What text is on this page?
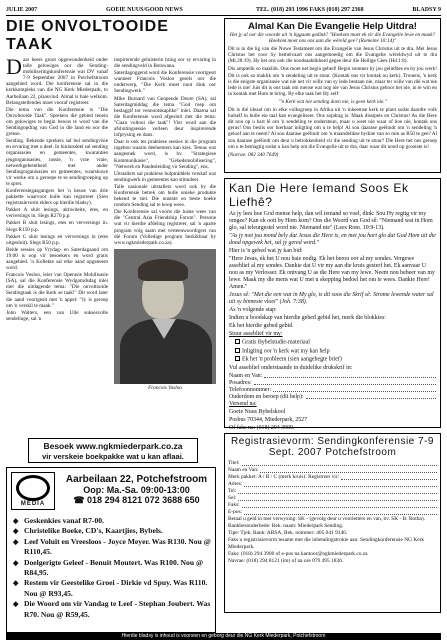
JULIE 2007	GOEIE NUUS/GOOD NEWS	TEL. (018) 293 1996 FAKS (018) 297 2368	BLADSY 9
DIE ONVOLTOOIDE TAAK
D aar heers groot opgewondenheid onder talle gelowiges oor die Sending-mobiliseringskonferensie wat DV vanaf 7-9 September 2007 in Potchefstroom aangebied word. Die konferensie sal in die kerkkompleks van die NG Kerk Miederpark, to Aarbeilaan 22, plaasvind. Almal is baie welkom. Belangstellendes moet vooraf registreer.

Die tema van die Konferensie is "Die Onvoltooide Taak". Sprekers dié gebied tenein om gelowiges te begin bewus te word van die Sendingopdrag van God in die land en oor die grense.

Sending. Bekende sprekers sal hul sendingvisie en ervaring met u deel. In hinlutsdeel sal sending organisasies en gemeentes, kwaranties jeugorganisasies, rassie, 'n vrae vraie, netwerkgeleentheid met ander Sendingorganisasies en gemeentes, waarskuwe vir werke om u geroepe te se sendingroeping op te sprei.

Konferensiegasgangers het 'n keuse van drie pakkette waarvoor hulle kan registreer (Sien registrasievorm elders op hierdie bladsy).

Pakket A sluit lesings, aktiwiteite, etes, en verversings in. Slegs R270 p.p.

Pakket B sluit lesings, etes en verversings in. Slegs R150 p.p.

Pakket C sluit lesings en verversings in (etes uitgesluit). Slegs R50 p.p.

Beide sessies op Vrydag- en Saterdagaand om 19:00 is oop vir besoekers en word gratis aangebied. 'n Kollekte sal elke aand opgeneem word.

Francois Vosloo, leier van Operasie Mobilisasie (SA), sal die Konferensie Wydgomdsdag inlei met die uitdagende tema: "Die onvoltooide Sendingtaak is die Kerk se taak!" Dit word later die aand voortgesit met 'n appel: "Jy is geroep om 'n verskil te maak."

John Walters, een van Ulle suksesvolle sendelinge, sal 'n

inspirerende geluisterin bring oor sy ervaring in die sendingveld in Botswana.

Saterdagoggend word die Konferensie voortgesit wanneer Francois Vosloo gesels oor die onderwerp, "Die Kerk moet nuut dink oor Sendingwerk."

Mike Burnard van Geopende Deure (SA), sal Saterdagmiddag die tema "God roep om beslaggif tot vennootskaplike" inlei. Daarna sal die Konferensie word afgesluit met die tema: "Gaan voltooi die taak"! Vier word aan die afsluitingsessie verleen deur inspirerende lofprysing en dans.

Daar is ook tes praktiese sessies in die program ingebou waarin deelnemers kan kies. Temas wat aangesnek word, is bv. "Strategiese Kommunikasie", "Gebedsmobilisering", "Netwerk en Pandesleiding vir Sending", ens.

Uitstallers sal praktiese hulpmiddels verskaf wat sendingwerk in gemeentes kan stimuleer.

Talle nasionale uitstallers word ook by die Konferensie betrek om hulle unieke produkte bekend te stel. Die nuutste en beste boeke rondom Sending sal te koop wees.

Die Konferensie sal voorts die luiste wees van die "Central Asia Friendship Forum". Persone wat vir hierdie afdeling registreer, sal 'n aparte program volg saam met verteenwoordigers van dié Forum (Volledige program beskikbaar by www.ngkmiederpark.co.za).

Francois Vosloo
Besoek www.ngkmiederpark.co.za
vir verskeie boekpakke wat u kan aflaai.
MEDIA
Aarbeilaan 22, Potchefstroom
Oop: Ma.-Sa. 09:00-13:00
☎ 018 294 8121 072 3688 650
◆ Geskenkies vanaf R7-00.
◆ Christelike Boeke, CD's, Kaartjies, Bybels.
◆ Leef Voluit en Vreesloos - Joyce Meyer. Was R130. Nou @ R110,45.
◆ Doelgerigte Geleef - Benuit Moutert. Was R100. Nou @ R84,95.
◆ Restem vir Geestelike Groei - Dirkie vd Spuy. Was R110. Nou @ R93,45.
◆ Die Woord om vir Vandag te Leef - Stephan Joubert. Was R70. Nou @ R59,45.
Almal Kan Die Evangelie Help Uitdra!

Het jy al oor die woorde uit 'n liggaam gedink? "Hoekom moet ek vir die Evangelie lewe en maak? Hoekom moet ons ons aan die wêreld gee? (Romeine 10:14)"

Dit is in die lig van die Nuwe Testament om die Evangelie van Jesus Christus uit te dra. Met Jesus Christus het voor Sy hemelvaart ons aangemoedig om die Evangelie wêreldwyd uit te dra (Mt.28:19). Hy het ons ook die noodsaaklikheid gegee deur die Heilige Gees (Hd.1:8).

Dis amptelik so makliik. Ons moet net begin gebed! Begin sommer by jou geliefdes en by jou werk! Dit is ook so maklik om 'n sendeling uit te stuur. (Kontak ons vir kontak ou kerk). Trouens, 'n kerk is die enigste organisasie wat nie net vir wille van sy lede bestaan nie, maar ter wille van dié wat nie lede is nie! Juis dit is ons taak om mense wat nog nie van Jesus Christus gehoor het nie, in te win en in kontak met Hom te bring. By elke taak het Hy self:

"'n Kerk wat nie sending doen nie, is geen kerk nie."

Dit is dié ideaal om in elke volksgroep in Afrika uit 'n inheemse kerk te plant sodat daardie volk hulself in hulle eie taal kan evangeliseer. Ons sopdrag is: Maak dissipels en Christus! As die Here dit nou op u hart lê om 'n sendeling te ondersteun, maar u weet nie waar of hoe nie, kontak ons gerus! Ons beslis oor hierbaar inligting om u te help! Al sou daarase geëlindr om 'n sendeling 'n geloof aan te neem? Al sou daarase geëlindr om 'n maandelikse bydrae van so min as R50 te gee? Al sou daarase geëlindr om deur u betrokkenheid vir die sending uit te stuur? Die Here het ons geroep om u te bemagtig sodat u kan help om die Evangelie uit te dra, daar waar dit nood op grootste is!

(Navrae: 082 340 7649)

Kan Die Here Iemand Soos Ek Liefhê?

As jy lees hoe God mense help, dan wil iemand so voel, dink: Sou Hy regtig vir my omgee? Kan ek ooit by Hom kom? Ons die Woord van God sê: "Niemand wat in Hom glo, sal teleurgestel word nie. Niemand nie" (Lees Rom. 10:9-13).

"As jy met jou mond bely dat Jesus die Here is, en met jou hart glo dat God Hom uit die dood opgewek het, sal jy gered word."

Hier is 'n gebed wat jy kan bid:

"Here Jesus, ek het U nou baie nodig. Ek het berou oor al my sondes. Vergewe asseblief al my sondes. Dankie dat U vir my aan die kruis gesterf het. Ek aanvaar U nou as my Verlosser. Ek ontvang U as die Here van my lewe. Neem nou beheer van my lewe. Maak my die mens wat U met u skepping bedoel het om te wees. Dankie Here! Amen."

Jesus sê: "Met die een wat in My glo, is dit soos die Skrif sê: Strome lewende water sal uit sy binneste vloei" (Joh. 7:38).

As 'n volgende stap:

Indien u boodskap van hierdie gebed gebid het, merk die blokkies:

Ek het hierdie gebed gebid.

Stuur asseblief vir my:

Gratis Bybelstudie-materiaal

Inligting oor 'n kerk wat my kan help

Ek het 'n probleem (sien aangehegte brief)

Vul asseblief onderstaande in duidelike drukskrif in:

Naam en Van:
Posadres:
Telefoonnommer:
Ouderdom en beroep (dit help):

Versend na:

Goeie Nuus Bybelskool

Posbus 70344, Miederpark, 2527

Of faks na: (018) 294 3900.

Registrasievorm: Sendingkonferensie 7-9 Sept. 2007 Potchefstroom
Titel:
Naam en Van:
Merk pakket: A / B / C (merk kruis): Registreer vir:
Adres:
Tel:
Sel:
Faks:
E-pos:

Betaal u geld in met verwysing: SK - (gevolg deur u voorletters en van, bv. SK - B. Botha).

Bankbesonderhede: Rek. naam: Miederpark Sending.

Tipe: Tjek, Bank: ABSA, Rek. nommer: 405 041 9146.

Faks u registrasievorm tesame met die inbetalingstrokie aan: Sendingkonferensie NG Kerk Miederpark.

Faks: (018) 294 3900 of e-pos na kantoor@ngkmiederpark.co.za

Navrae: (018) 294 8121 (im) of na ure 079 495 1836.

Hierdie bladsy is inhoud is voorsien en geborg deur die NG Kerk Miederpark, Potchefstroom
